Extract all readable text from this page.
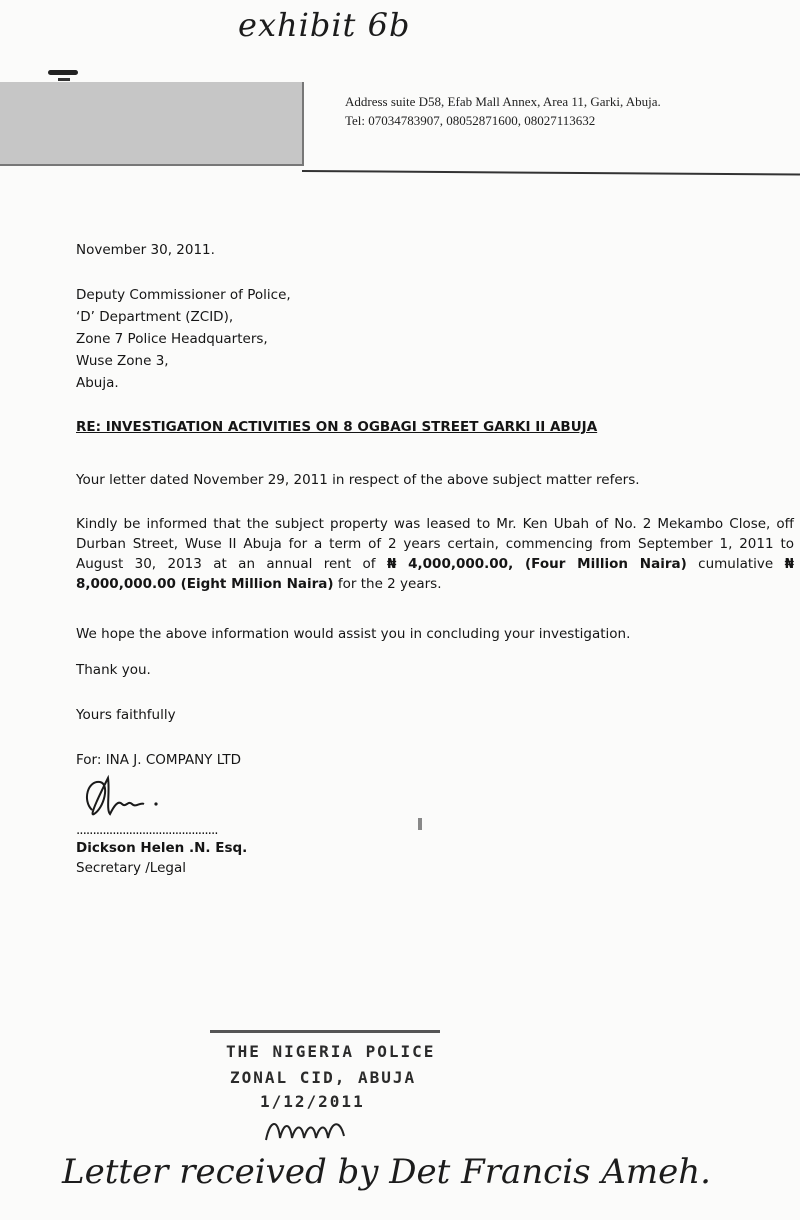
exhibit 6b
Address suite D58, Efab Mall Annex, Area 11, Garki, Abuja.
Tel: 07034783907, 08052871600, 08027113632

November 30, 2011.

Deputy Commissioner of Police,
‘D’ Department (ZCID),
Zone 7 Police Headquarters,
Wuse Zone 3,
Abuja.

RE: INVESTIGATION ACTIVITIES ON 8 OGBAGI STREET GARKI II ABUJA

Your letter dated November 29, 2011 in respect of the above subject matter refers.

Kindly be informed that the subject property was leased to Mr. Ken Ubah of No. 2 Mekambo Close, off Durban Street, Wuse II Abuja for a term of 2 years certain, commencing from September 1, 2011 to August 30, 2013 at an annual rent of ₦ 4,000,000.00, (Four Million Naira) cumulative ₦ 8,000,000.00 (Eight Million Naira) for the 2 years.

We hope the above information would assist you in concluding your investigation.

Thank you.

Yours faithfully

For: INA J. COMPANY LTD

...........................................

Dickson Helen .N. Esq.

Secretary /Legal

THE NIGERIA POLICE
ZONAL CID, ABUJA
1/12/2011
Letter received by Det Francis Ameh.
